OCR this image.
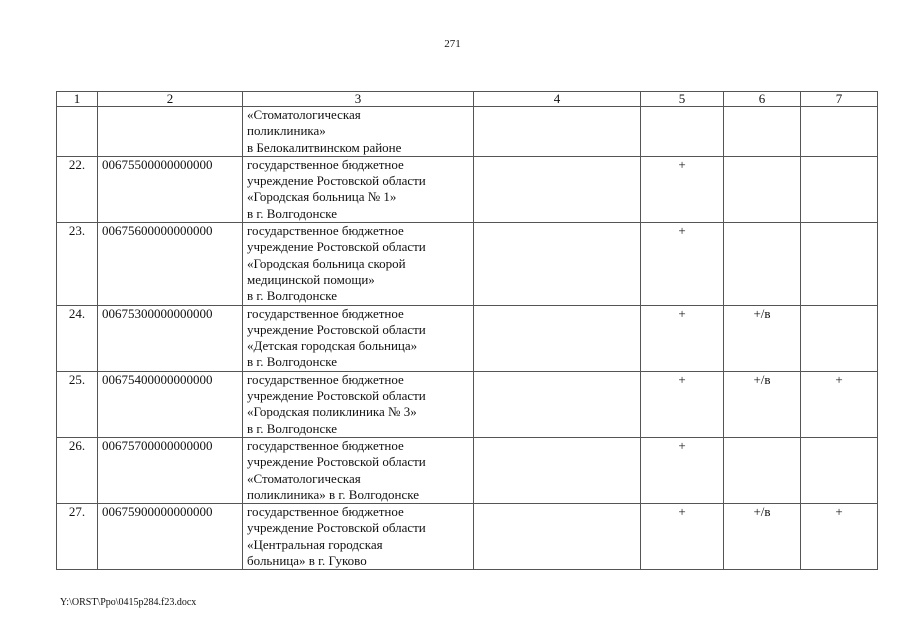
271
1	2	3	4	5	6	7

		«Стоматологическая
поликлиника»
в Белокалитвинском районе				

22.	00675500000000000	государственное бюджетное
учреждение Ростовской области
«Городская больница № 1»
в г. Волгодонске		+		
23.	00675600000000000	государственное бюджетное
учреждение Ростовской области
«Городская больница скорой
медицинской помощи»
в г. Волгодонске		+		
24.	00675300000000000	государственное бюджетное
учреждение Ростовской области
«Детская городская больница»
в г. Волгодонске		+	+/в	
25.	00675400000000000	государственное бюджетное
учреждение Ростовской области
«Городская поликлиника № 3»
в г. Волгодонске		+	+/в	+
26.	00675700000000000	государственное бюджетное
учреждение Ростовской области
«Стоматологическая
поликлиника» в г. Волгодонске		+		
27.	00675900000000000	государственное бюджетное
учреждение Ростовской области
«Центральная городская
больница» в г. Гуково		+	+/в	+
Y:\ORST\Ppo\0415p284.f23.docx
